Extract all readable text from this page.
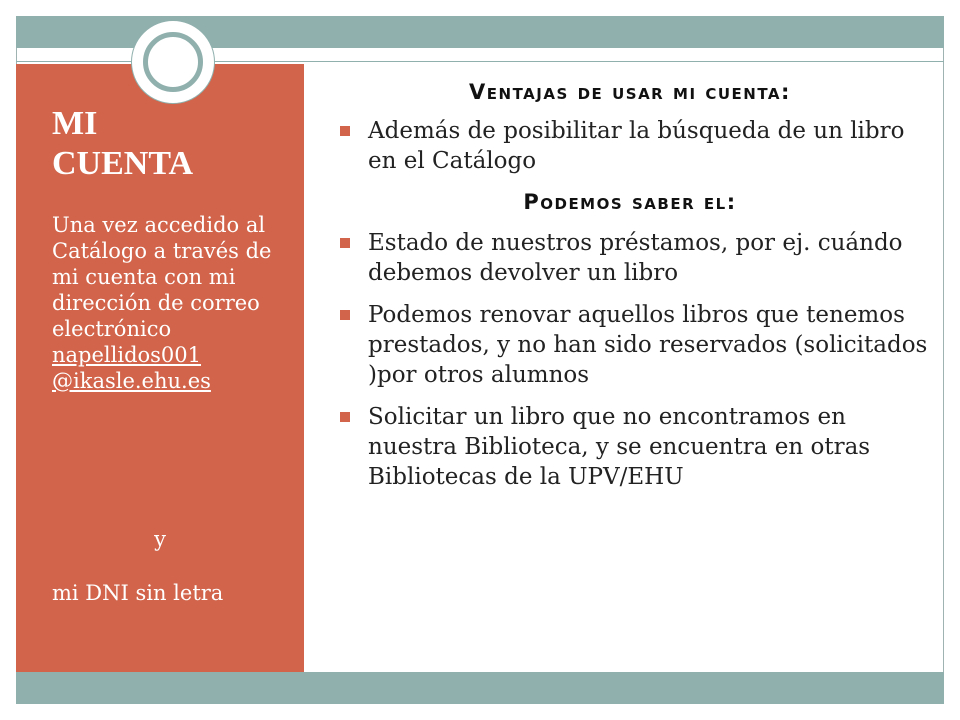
MI
CUENTA

Una vez accedido al Catálogo a través de mi cuenta con mi dirección de correo electrónico napellidos001
@ikasle.ehu.es

y

mi DNI sin letra

Ventajas de usar mi cuenta:

Además de posibilitar la búsqueda de un libro en el Catálogo

Podemos saber el:

Estado de nuestros préstamos, por ej. cuándo debemos devolver un libro

Podemos renovar aquellos libros que tenemos prestados, y no han sido reservados (solicitados )por otros alumnos

Solicitar un libro que no encontramos en nuestra Biblioteca, y se encuentra en otras Bibliotecas de la UPV/EHU
